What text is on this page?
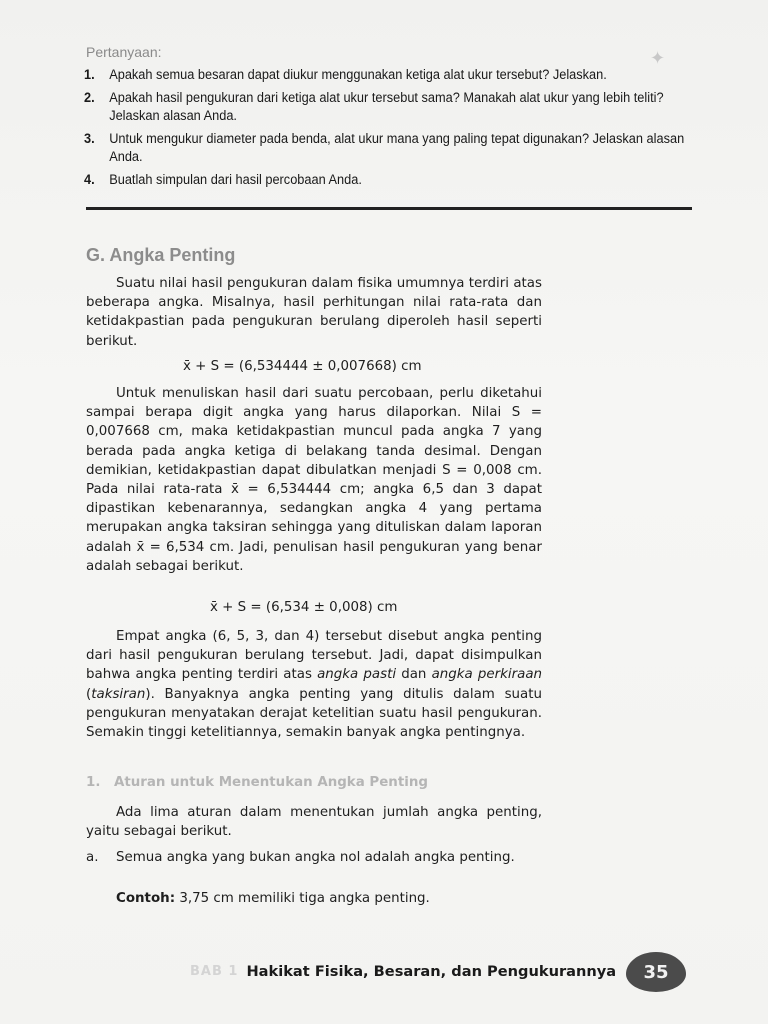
✦
Pertanyaan:
1.	Apakah semua besaran dapat diukur menggunakan ketiga alat ukur tersebut? Jelaskan.
2.	Apakah hasil pengukuran dari ketiga alat ukur tersebut sama? Manakah alat ukur yang lebih teliti? Jelaskan alasan Anda.
3.	Untuk mengukur diameter pada benda, alat ukur mana yang paling tepat digunakan? Jelaskan alasan Anda.
4.	Buatlah simpulan dari hasil percobaan Anda.
G. Angka Penting

Suatu nilai hasil pengukuran dalam fisika umumnya terdiri atas beberapa angka. Misalnya, hasil perhitungan nilai rata-rata dan ketidakpastian pada pengukuran berulang diperoleh hasil seperti berikut.

x̄ + S = (6,534444 ± 0,007668) cm

Untuk menuliskan hasil dari suatu percobaan, perlu diketahui sampai berapa digit angka yang harus dilaporkan. Nilai S = 0,007668 cm, maka ketidakpastian muncul pada angka 7 yang berada pada angka ketiga di belakang tanda desimal. Dengan demikian, ketidakpastian dapat dibulatkan menjadi S = 0,008 cm. Pada nilai rata-rata x̄ = 6,534444 cm; angka 6,5 dan 3 dapat dipastikan kebenarannya, sedangkan angka 4 yang pertama merupakan angka taksiran sehingga yang dituliskan dalam laporan adalah x̄ = 6,534 cm. Jadi, penulisan hasil pengukuran yang benar adalah sebagai berikut.

x̄ + S = (6,534 ± 0,008) cm

Empat angka (6, 5, 3, dan 4) tersebut disebut angka penting dari hasil pengukuran berulang tersebut. Jadi, dapat disimpulkan bahwa angka penting terdiri atas angka pasti dan angka perkiraan (taksiran). Banyaknya angka penting yang ditulis dalam suatu pengukuran menyatakan derajat ketelitian suatu hasil pengukuran. Semakin tinggi ketelitiannya, semakin banyak angka pentingnya.

1. Aturan untuk Menentukan Angka Penting

Ada lima aturan dalam menentukan jumlah angka penting, yaitu sebagai berikut.

a.	Semua angka yang bukan angka nol adalah angka penting.
Contoh: 3,75 cm memiliki tiga angka penting.
BAB 1 Hakikat Fisika, Besaran, dan Pengukurannya 35
